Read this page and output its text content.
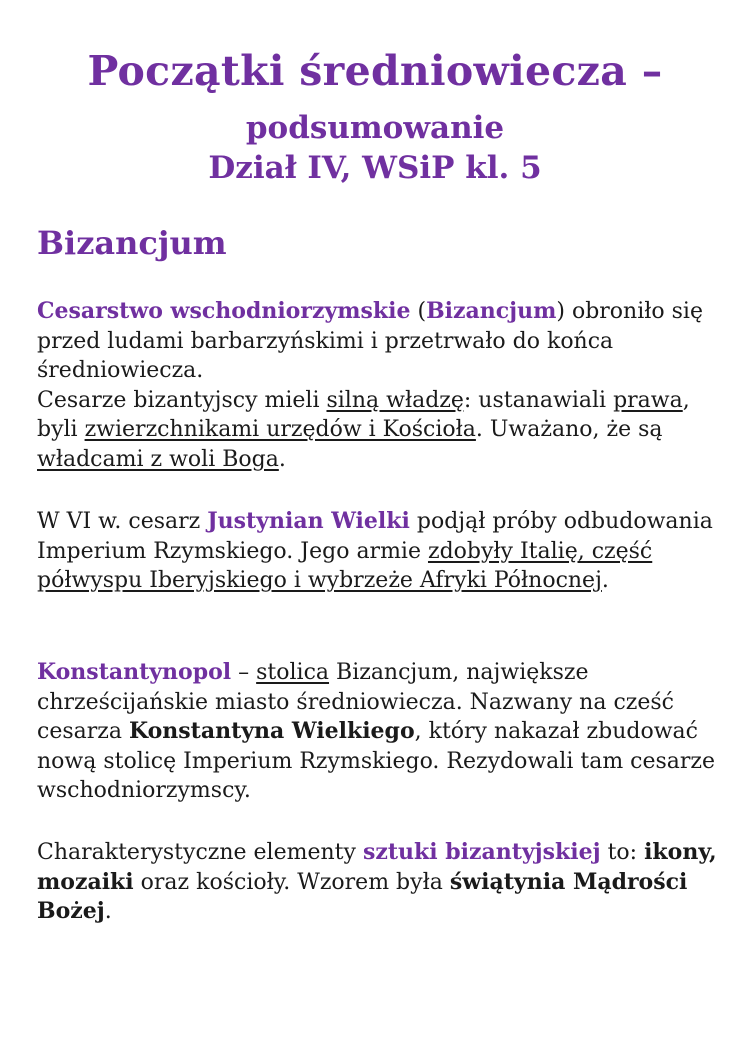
Początki średniowiecza –
podsumowanie
Dział IV, WSiP kl. 5
Bizancjum

Cesarstwo wschodniorzymskie (Bizancjum) obroniło się przed ludami barbarzyńskimi i przetrwało do końca średniowiecza.
Cesarze bizantyjscy mieli silną władzę: ustanawiali prawa, byli zwierzchnikami urzędów i Kościoła. Uważano, że są władcami z woli Boga.

W VI w. cesarz Justynian Wielki podjął próby odbudowania Imperium Rzymskiego. Jego armie zdobyły Italię, część półwyspu Iberyjskiego i wybrzeże Afryki Północnej.

Konstantynopol – stolica Bizancjum, największe chrześcijańskie miasto średniowiecza. Nazwany na cześć cesarza Konstantyna Wielkiego, który nakazał zbudować nową stolicę Imperium Rzymskiego. Rezydowali tam cesarze wschodniorzymscy.

Charakterystyczne elementy sztuki bizantyjskiej to: ikony, mozaiki oraz kościoły. Wzorem była świątynia Mądrości Bożej.
